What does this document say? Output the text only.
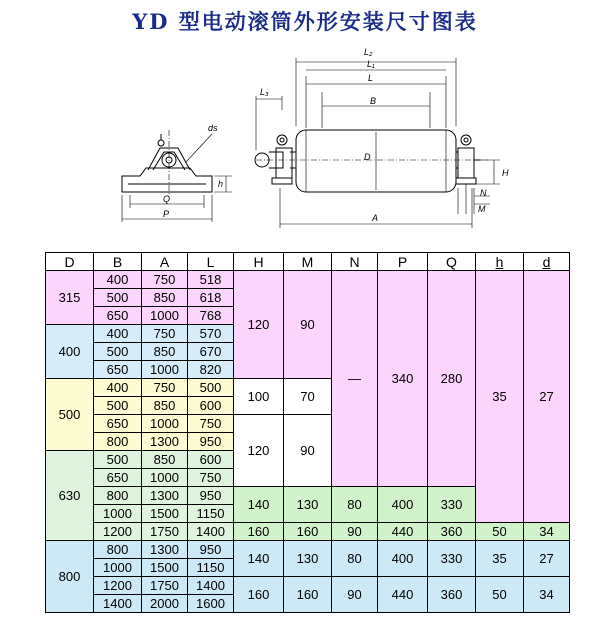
YD 型电动滚筒外形安装尺寸图表
ds
h
Q
P
L₂
L₁
L
L₃
B
D
H
N
M
A
D	B	A	L	H	M	N	P	Q	h	d
315	400	750	518	120	90	—	340	280	35	27
	500	850	618							
	650	1000	768							
400	400	750	570							
	500	850	670							
	650	1000	820							
500	400	750	500	100	70					
	500	850	600							
	650	1000	750	120	90					
	800	1300	950							
630	500	850	600							
	650	1000	750							
	800	1300	950	140	130	80	400	330		
	1000	1500	1150							
	1200	1750	1400	160	160	90	440	360	50	34
800	800	1300	950	140	130	80	400	330	35	27
	1000	1500	1150							
	1200	1750	1400	160	160	90	440	360	50	34
	1400	2000	1600							
